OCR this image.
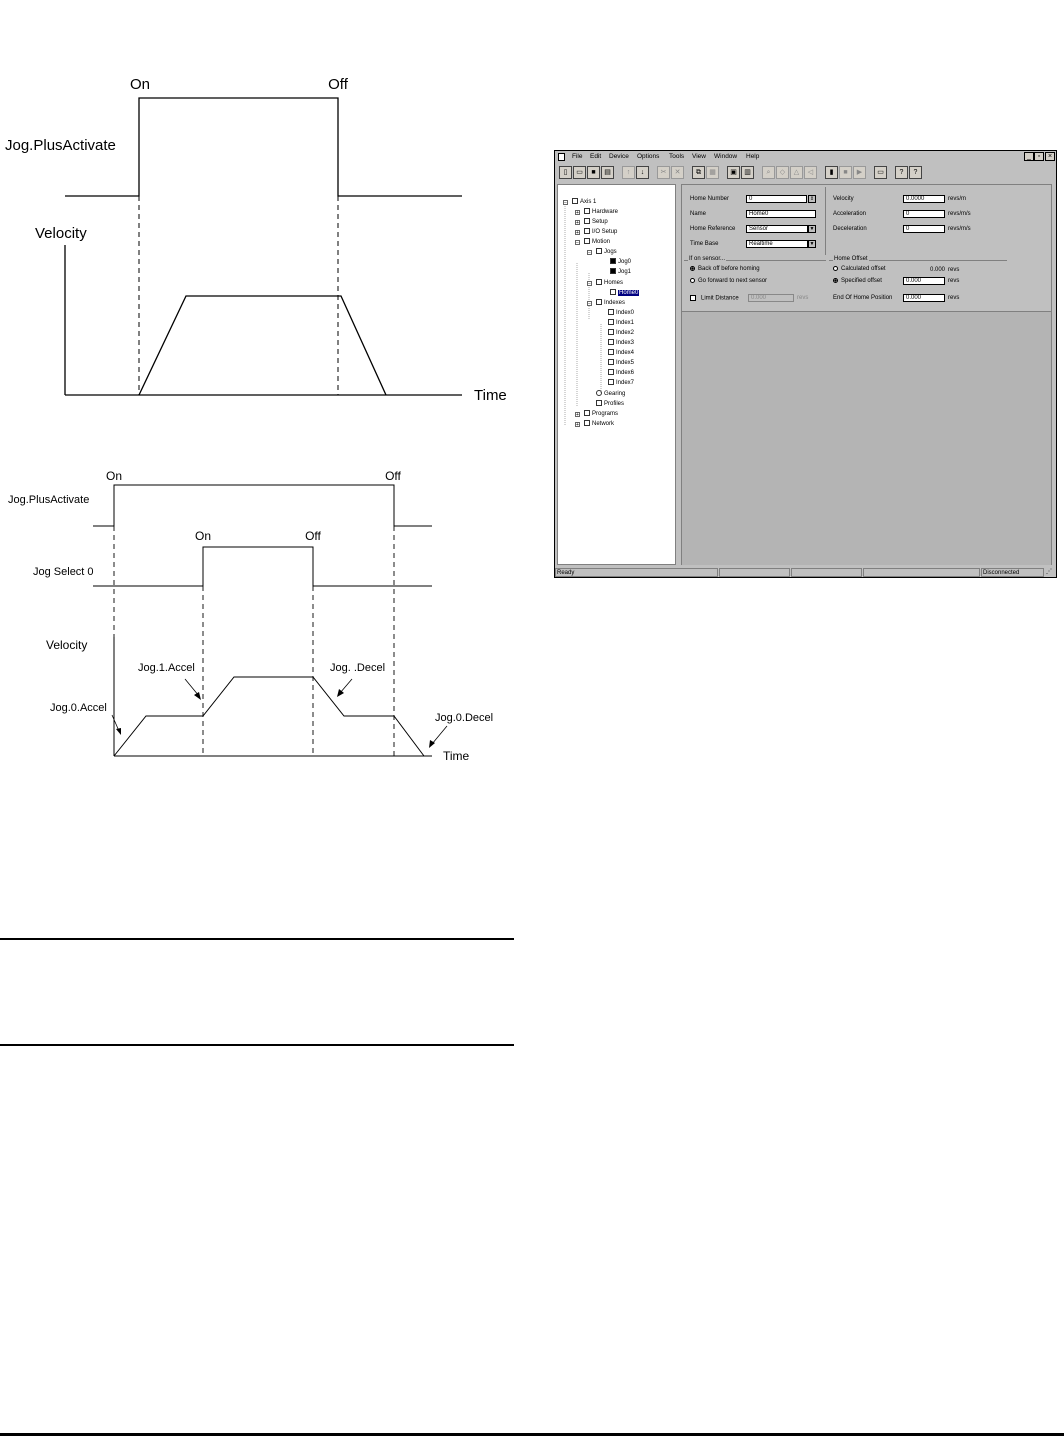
On	Off
Jog.PlusActivate
Velocity
Time
On	Off
Jog.PlusActivate
On	Off
Jog Select 0
Velocity
Jog.1.Accel	Jog. .Decel
Jog.0.Accel
Jog.0.Decel
Time
File Edit Device Options Tools View Window Help	_ ▫	×
▯	▭	■	▤	↑	↓	✂	✕	⧉	▦	▣	▥	⌕	◇	△	◁	▮	■	▶	▭	?	?
−	Axis 1
+	Hardware
+	Setup
+	I/O Setup
−	Motion
−	Jogs
Jog0
Jog1
−	Homes
Home0
−	Indexes
Index0
Index1
Index2
Index3
Index4
Index5
Index6
Index7
Gearing
Profiles
+	Programs
+	Network
Home Number	0	⇕
Name	Home0
Home Reference	Sensor	▼
Time Base	Realtime	▼
Velocity	0.0000	revs/m
Acceleration	0	revs/m/s
Deceleration	0	revs/m/s
If on sensor...
Back off before homing
Go forward to next sensor
Home Offset
Calculated offset	0.000 revs
Specified offset	0.000	revs
Limit Distance	0.000	revs	End Of Home Position	0.000	revs
Ready	Disconnected	⋰
